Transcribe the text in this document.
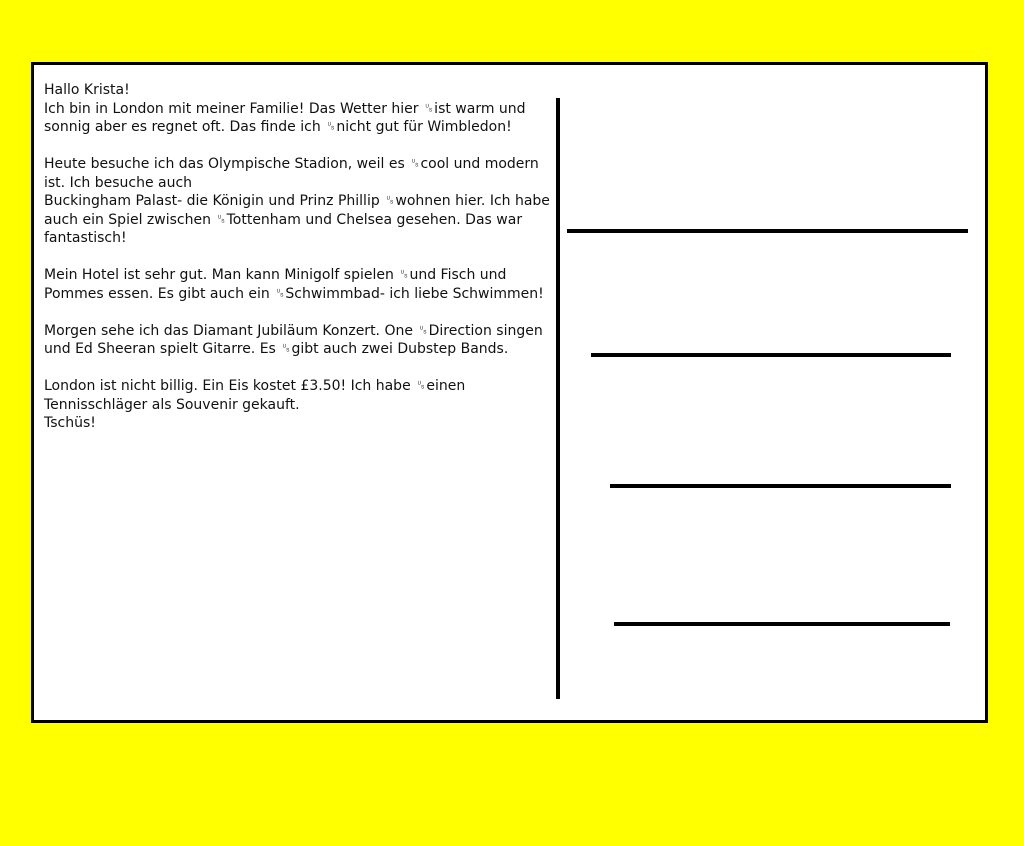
Hallo Krista!
Ich bin in London mit meiner Familie! Das Wetter hier ␟ist warm und sonnig aber es regnet oft. Das finde ich ␟nicht gut für Wimbledon!

Heute besuche ich das Olympische Stadion, weil es ␟cool und modern ist. Ich besuche auch
Buckingham Palast- die Königin und Prinz Phillip ␟wohnen hier. Ich habe auch ein Spiel zwischen ␟Tottenham und Chelsea gesehen. Das war fantastisch!

Mein Hotel ist sehr gut. Man kann Minigolf spielen ␟und Fisch und Pommes essen. Es gibt auch ein ␟Schwimmbad- ich liebe Schwimmen!

Morgen sehe ich das Diamant Jubiläum Konzert. One ␟Direction singen und Ed Sheeran spielt Gitarre. Es ␟gibt auch zwei Dubstep Bands.

London ist nicht billig. Ein Eis kostet £3.50! Ich habe ␟einen Tennisschläger als Souvenir gekauft.
Tschüs!
